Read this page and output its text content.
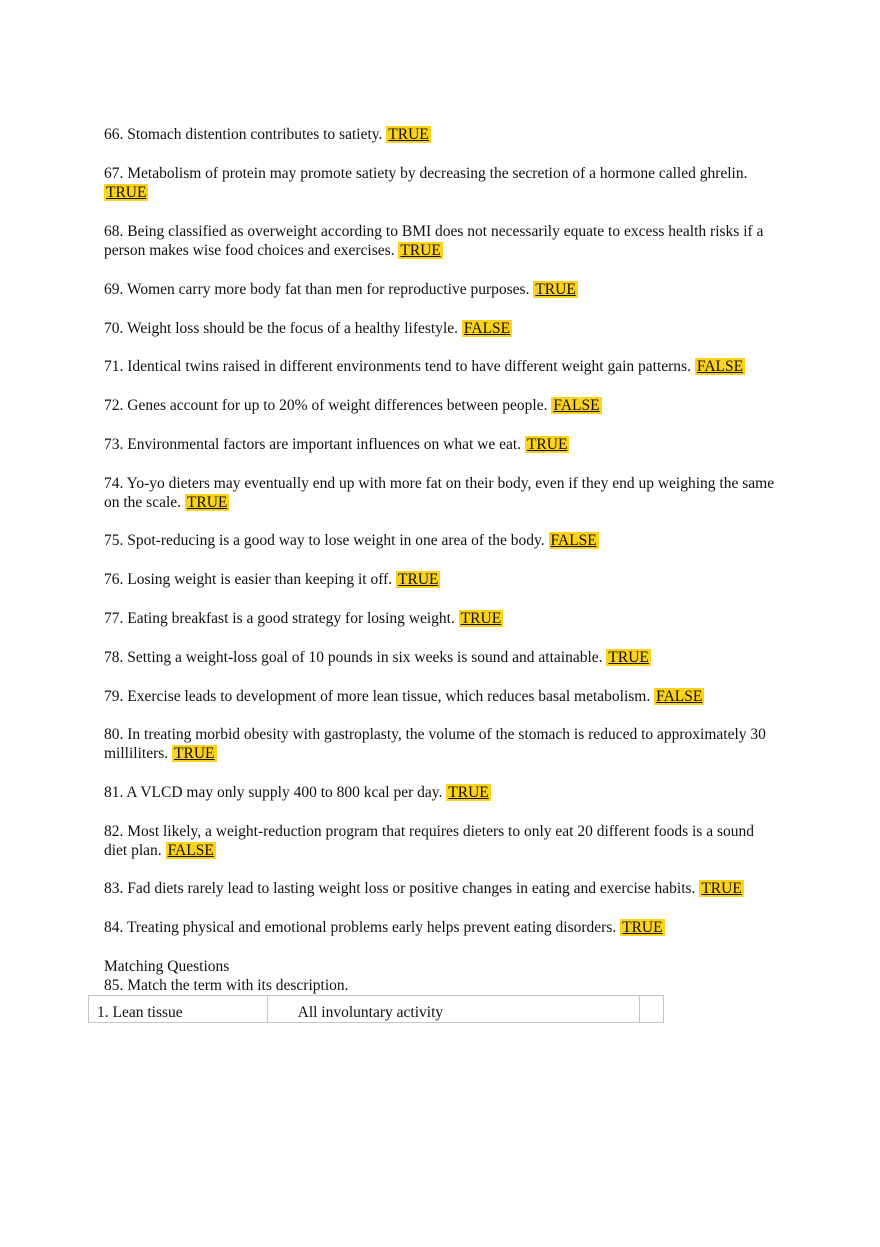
66. Stomach distention contributes to satiety. TRUE

67. Metabolism of protein may promote satiety by decreasing the secretion of a hormone called ghrelin. TRUE

68. Being classified as overweight according to BMI does not necessarily equate to excess health risks if a person makes wise food choices and exercises. TRUE

69. Women carry more body fat than men for reproductive purposes. TRUE

70. Weight loss should be the focus of a healthy lifestyle. FALSE

71. Identical twins raised in different environments tend to have different weight gain patterns. FALSE

72. Genes account for up to 20% of weight differences between people. FALSE

73. Environmental factors are important influences on what we eat. TRUE

74. Yo-yo dieters may eventually end up with more fat on their body, even if they end up weighing the same on the scale. TRUE

75. Spot-reducing is a good way to lose weight in one area of the body. FALSE

76. Losing weight is easier than keeping it off. TRUE

77. Eating breakfast is a good strategy for losing weight. TRUE

78. Setting a weight-loss goal of 10 pounds in six weeks is sound and attainable. TRUE

79. Exercise leads to development of more lean tissue, which reduces basal metabolism. FALSE

80. In treating morbid obesity with gastroplasty, the volume of the stomach is reduced to approximately 30 milliliters. TRUE

81. A VLCD may only supply 400 to 800 kcal per day. TRUE

82. Most likely, a weight-reduction program that requires dieters to only eat 20 different foods is a sound diet plan. FALSE

83. Fad diets rarely lead to lasting weight loss or positive changes in eating and exercise habits. TRUE

84. Treating physical and emotional problems early helps prevent eating disorders. TRUE

Matching Questions

85. Match the term with its description.

1. Lean tissue	All involuntary activity	
